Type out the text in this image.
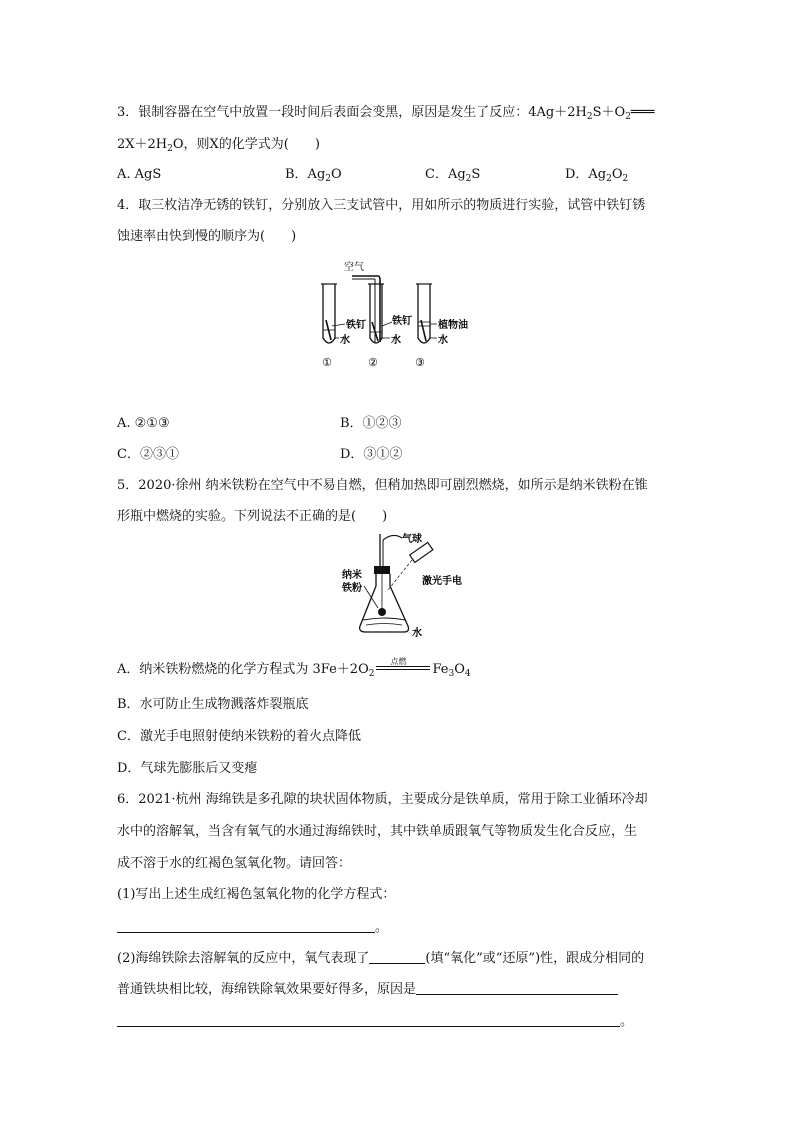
3．银制容器在空气中放置一段时间后表面会变黑，原因是发生了反应：$4Ag+2H_2S+O_2═══$
$2X+2H_2O$，则X的化学式为(　　)
A. AgS	B．$Ag_2O$	C．$Ag_2S$	D．$Ag_2O_2$
4．取三枚洁净无锈的铁钉，分别放入三支试管中，用如所示的物质进行实验，试管中铁钉锈
蚀速率由快到慢的顺序为(　　)
空气
铁钉
水
①
铁钉
水
②
植物油
水
③
A. ②①③	B．①②③
C．②③①	D．③①②
5．2020·徐州 纳米铁粉在空气中不易自燃，但稍加热即可剧烈燃烧，如所示是纳米铁粉在锥
形瓶中燃烧的实验。下列说法不正确的是(　　)
气球
纳米
铁粉
激光手电
水
A．纳米铁粉燃烧的化学方程式为 $3Fe+2O_2$
点燃
$Fe_3O_4$
B．水可防止生成物溅落炸裂瓶底
C．激光手电照射使纳米铁粉的着火点降低
D．气球先膨胀后又变瘪
6．2021·杭州 海绵铁是多孔隙的块状固体物质，主要成分是铁单质，常用于除工业循环冷却
水中的溶解氧，当含有氧气的水通过海绵铁时，其中铁单质跟氧气等物质发生化合反应，生
成不溶于水的红褐色氢氧化物。请回答：
(1)写出上述生成红褐色氢氧化物的化学方程式：
。
(2)海绵铁除去溶解氧的反应中，氧气表现了	(填“氧化”或“还原”)性，跟成分相同的
普通铁块相比较，海绵铁除氧效果要好得多，原因是
。
